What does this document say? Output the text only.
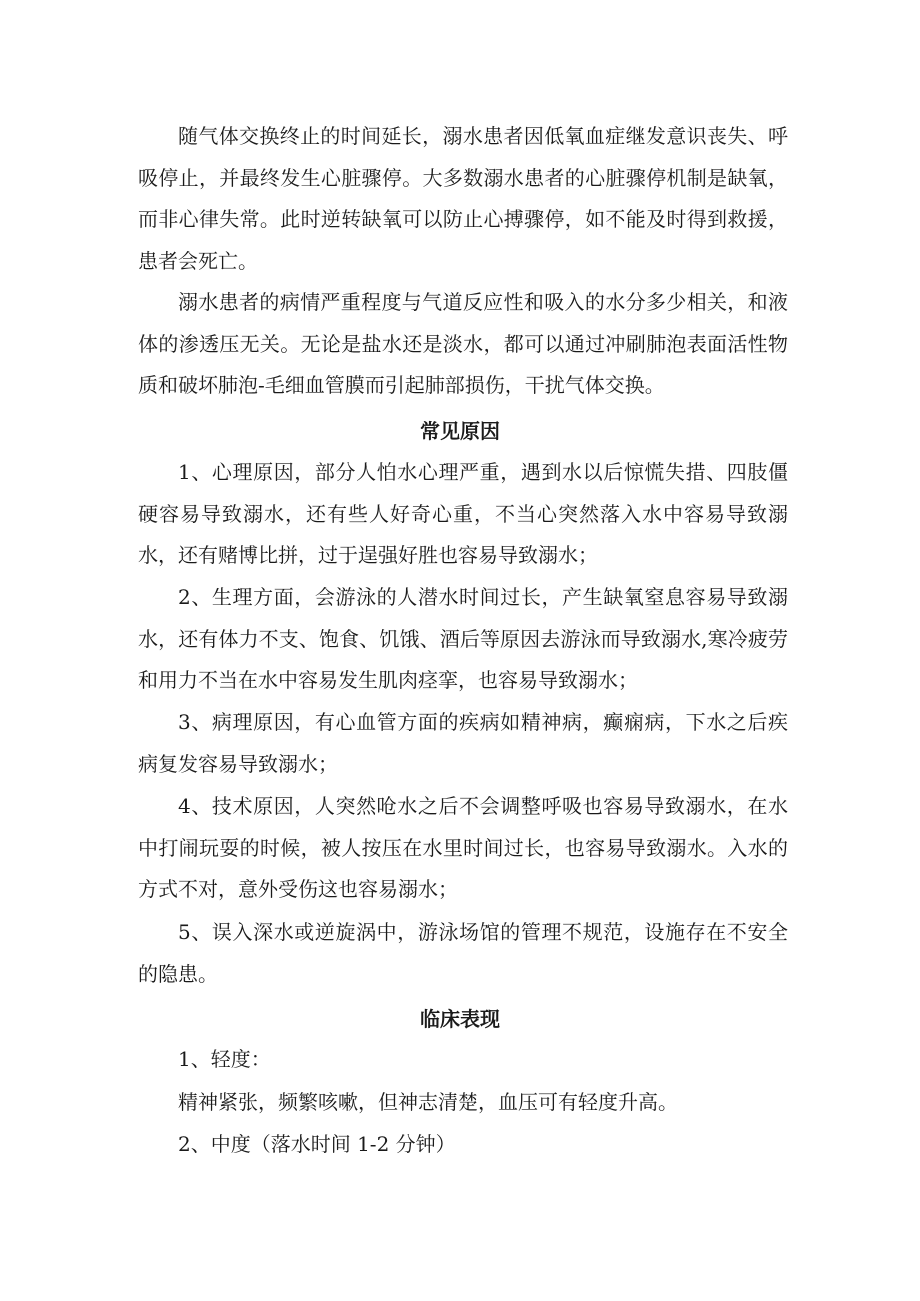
随气体交换终止的时间延长，溺水患者因低氧血症继发意识丧失、呼吸停止，并最终发生心脏骤停。大多数溺水患者的心脏骤停机制是缺氧，而非心律失常。此时逆转缺氧可以防止心搏骤停，如不能及时得到救援，患者会死亡。

溺水患者的病情严重程度与气道反应性和吸入的水分多少相关，和液体的渗透压无关。无论是盐水还是淡水，都可以通过冲刷肺泡表面活性物质和破坏肺泡-毛细血管膜而引起肺部损伤，干扰气体交换。

常见原因

1、心理原因，部分人怕水心理严重，遇到水以后惊慌失措、四肢僵硬容易导致溺水，还有些人好奇心重，不当心突然落入水中容易导致溺水，还有赌博比拼，过于逞强好胜也容易导致溺水；

2、生理方面，会游泳的人潜水时间过长，产生缺氧窒息容易导致溺水，还有体力不支、饱食、饥饿、酒后等原因去游泳而导致溺水,寒冷疲劳和用力不当在水中容易发生肌肉痉挛，也容易导致溺水；

3、病理原因，有心血管方面的疾病如精神病，癫痫病，下水之后疾病复发容易导致溺水；

4、技术原因，人突然呛水之后不会调整呼吸也容易导致溺水，在水中打闹玩耍的时候，被人按压在水里时间过长，也容易导致溺水。入水的方式不对，意外受伤这也容易溺水；

5、误入深水或逆旋涡中，游泳场馆的管理不规范，设施存在不安全的隐患。

临床表现
1、轻度：
精神紧张，频繁咳嗽，但神志清楚，血压可有轻度升高。
2、中度（落水时间 1-2 分钟）
